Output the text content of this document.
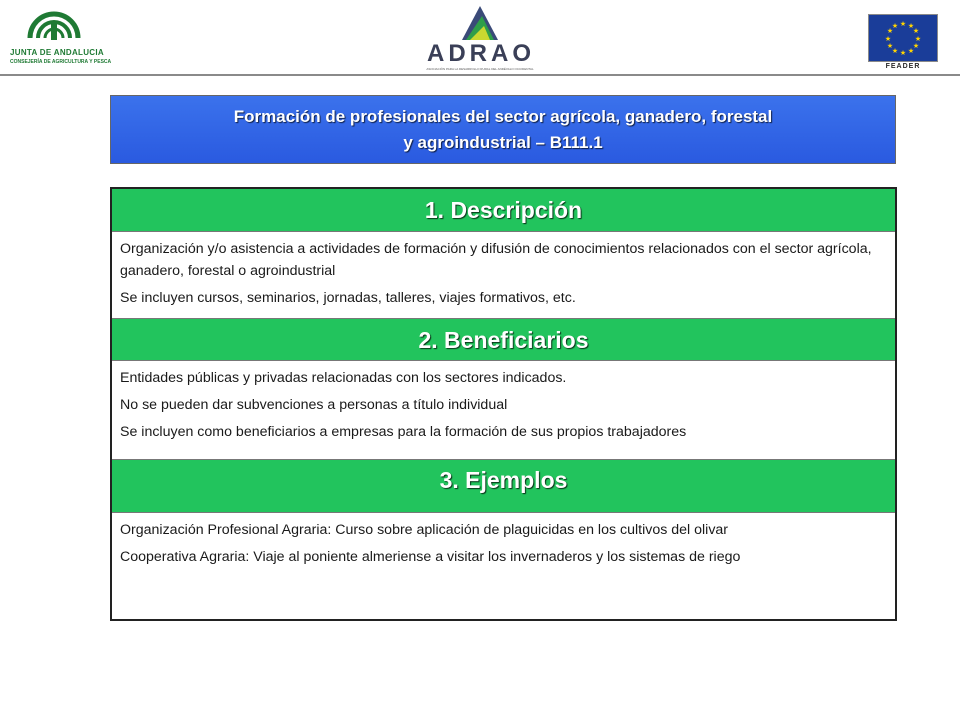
JUNTA DE ANDALUCIA
CONSEJERÍA DE AGRICULTURA Y PESCA	ADRAO
ASOCIACIÓN PARA LA DESARROLLO RURAL DEL ANDÉVALO OCCIDENTAL
★ ★
★
★
★
★
★
★
★
★
★
★
FEADER
Formación de profesionales del sector agrícola, ganadero, forestal
y agroindustrial – B111.1
1. Descripción

Organización y/o asistencia a actividades de formación y difusión de conocimientos relacionados con el sector agrícola, ganadero, forestal o agroindustrial

Se incluyen cursos, seminarios, jornadas, talleres, viajes formativos, etc.

2. Beneficiarios

Entidades públicas y privadas relacionadas con los sectores indicados.

No se pueden dar subvenciones a personas a título individual

Se incluyen como beneficiarios a empresas para la formación de sus propios trabajadores

3. Ejemplos

Organización Profesional Agraria: Curso sobre aplicación de plaguicidas en los cultivos del olivar

Cooperativa Agraria: Viaje al poniente almeriense a visitar los invernaderos y los sistemas de riego
